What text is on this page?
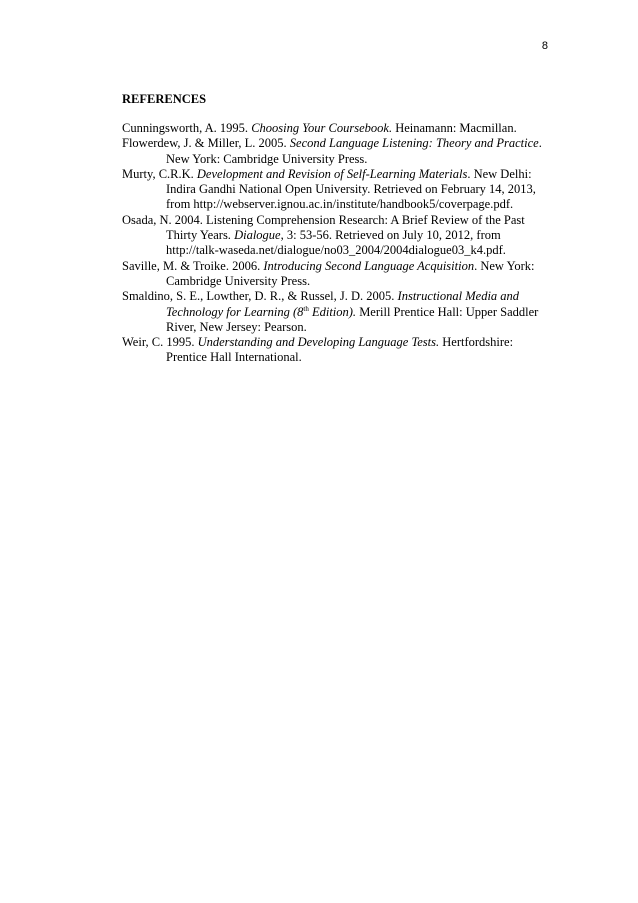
8
REFERENCES
Cunningsworth, A. 1995. Choosing Your Coursebook. Heinamann: Macmillan.
Flowerdew, J. & Miller, L. 2005. Second Language Listening: Theory and Practice. New York: Cambridge University Press.
Murty, C.R.K. Development and Revision of Self-Learning Materials. New Delhi: Indira Gandhi National Open University. Retrieved on February 14, 2013, from http://webserver.ignou.ac.in/institute/handbook5/coverpage.pdf.
Osada, N. 2004. Listening Comprehension Research: A Brief Review of the Past Thirty Years. Dialogue, 3: 53-56. Retrieved on July 10, 2012, from http://talk-waseda.net/dialogue/no03_2004/2004dialogue03_k4.pdf.
Saville, M. & Troike. 2006. Introducing Second Language Acquisition. New York: Cambridge University Press.
Smaldino, S. E., Lowther, D. R., & Russel, J. D. 2005. Instructional Media and Technology for Learning (8th Edition). Merill Prentice Hall: Upper Saddler River, New Jersey: Pearson.
Weir, C. 1995. Understanding and Developing Language Tests. Hertfordshire: Prentice Hall International.
